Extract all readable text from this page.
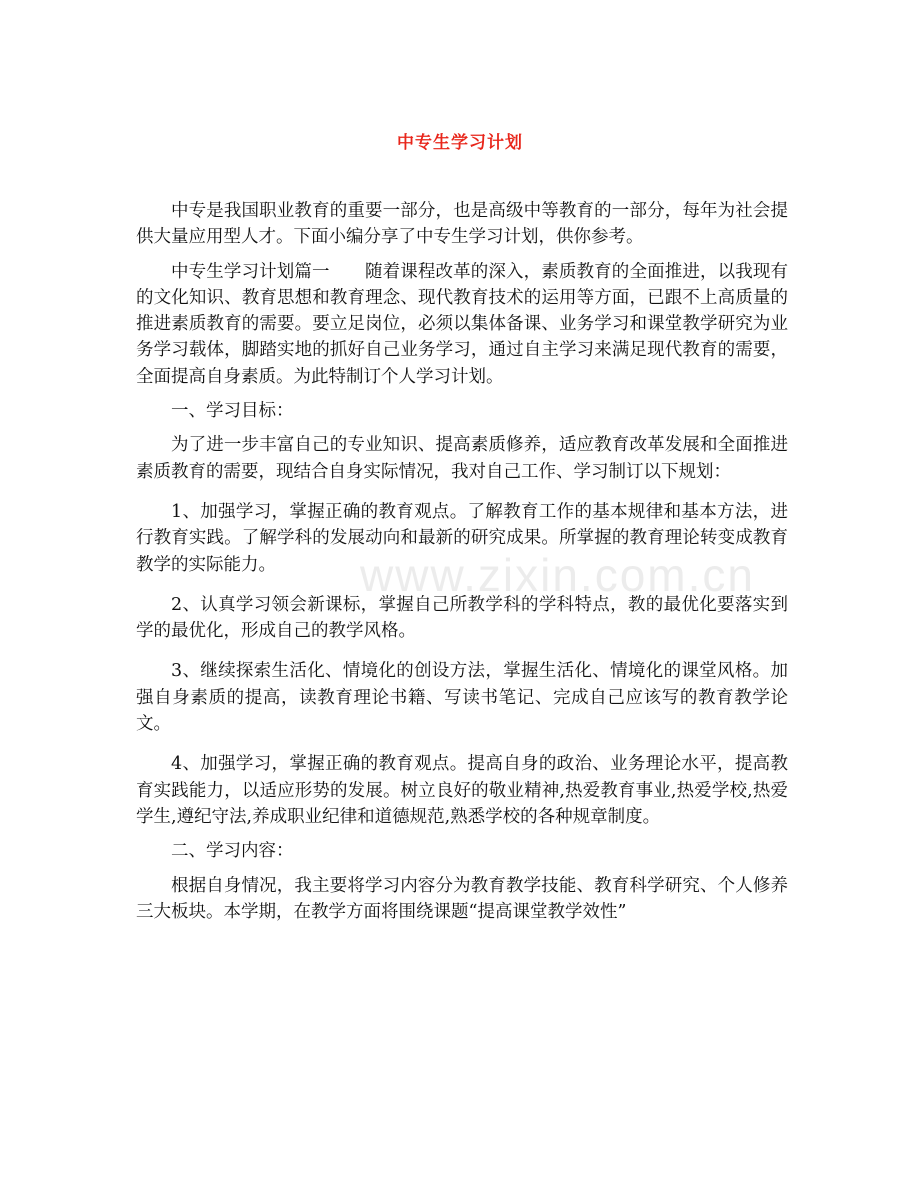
www.zixin.com.cn
中专生学习计划

中专是我国职业教育的重要一部分，也是高级中等教育的一部分，每年为社会提供大量应用型人才。下面小编分享了中专生学习计划，供你参考。

中专生学习计划篇一　　随着课程改革的深入，素质教育的全面推进，以我现有的文化知识、教育思想和教育理念、现代教育技术的运用等方面，已跟不上高质量的推进素质教育的需要。要立足岗位，必须以集体备课、业务学习和课堂教学研究为业务学习载体，脚踏实地的抓好自己业务学习，通过自主学习来满足现代教育的需要，全面提高自身素质。为此特制订个人学习计划。

一、学习目标：

为了进一步丰富自己的专业知识、提高素质修养，适应教育改革发展和全面推进素质教育的需要，现结合自身实际情况，我对自己工作、学习制订以下规划：

1、加强学习，掌握正确的教育观点。了解教育工作的基本规律和基本方法，进行教育实践。了解学科的发展动向和最新的研究成果。所掌握的教育理论转变成教育教学的实际能力。

2、认真学习领会新课标，掌握自己所教学科的学科特点，教的最优化要落实到学的最优化，形成自己的教学风格。

3、继续探索生活化、情境化的创设方法，掌握生活化、情境化的课堂风格。加强自身素质的提高，读教育理论书籍、写读书笔记、完成自己应该写的教育教学论文。

4、加强学习，掌握正确的教育观点。提高自身的政治、业务理论水平，提高教育实践能力，以适应形势的发展。树立良好的敬业精神,热爱教育事业,热爱学校,热爱学生,遵纪守法,养成职业纪律和道德规范,熟悉学校的各种规章制度。

二、学习内容：

根据自身情况，我主要将学习内容分为教育教学技能、教育科学研究、个人修养三大板块。本学期，在教学方面将围绕课题“提高课堂教学效性”
